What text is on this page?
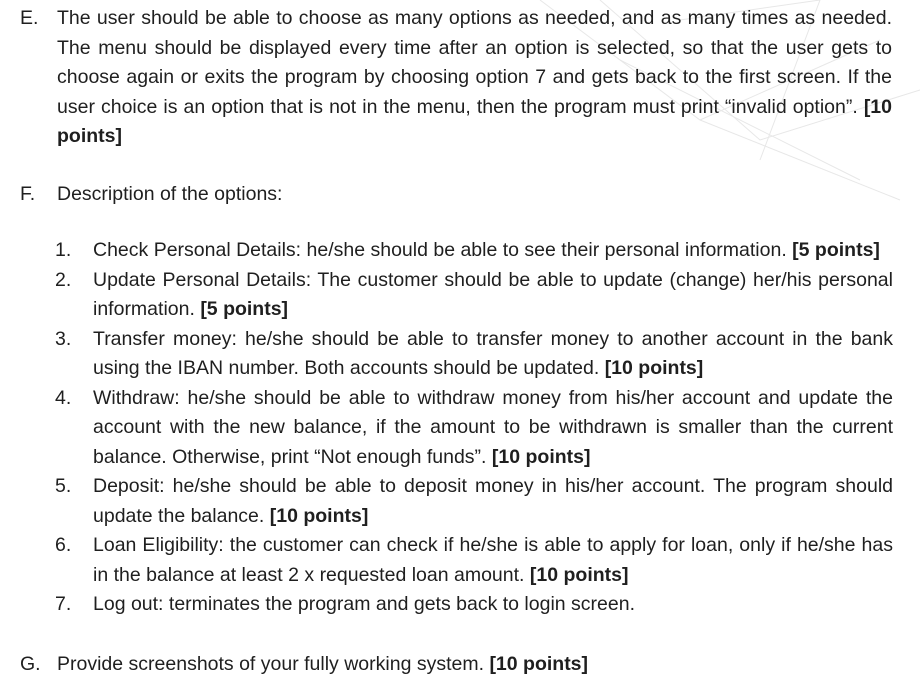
E. The user should be able to choose as many options as needed, and as many times as needed. The menu should be displayed every time after an option is selected, so that the user gets to choose again or exits the program by choosing option 7 and gets back to the first screen. If the user choice is an option that is not in the menu, then the program must print “invalid option”. [10 points]
F. Description of the options:
1. Check Personal Details: he/she should be able to see their personal information. [5 points]
2. Update Personal Details: The customer should be able to update (change) her/his personal information. [5 points]
3. Transfer money: he/she should be able to transfer money to another account in the bank using the IBAN number. Both accounts should be updated. [10 points]
4. Withdraw: he/she should be able to withdraw money from his/her account and update the account with the new balance, if the amount to be withdrawn is smaller than the current balance. Otherwise, print “Not enough funds”. [10 points]
5. Deposit: he/she should be able to deposit money in his/her account. The program should update the balance. [10 points]
6. Loan Eligibility: the customer can check if he/she is able to apply for loan, only if he/she has in the balance at least 2 x requested loan amount. [10 points]
7. Log out: terminates the program and gets back to login screen.
G. Provide screenshots of your fully working system. [10 points]
